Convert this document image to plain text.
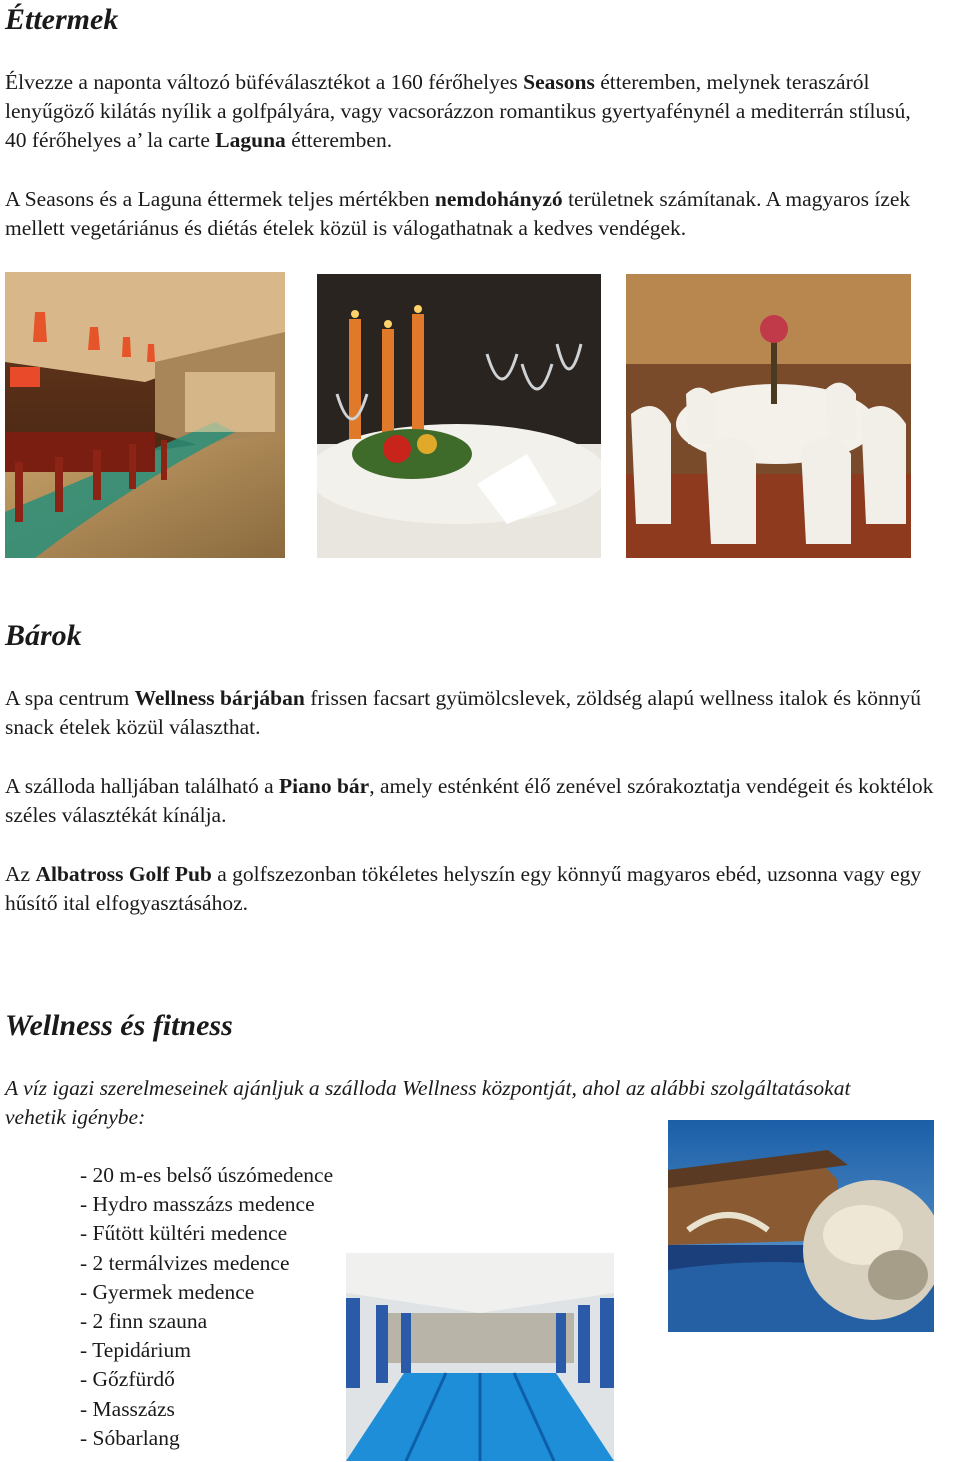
Éttermek

Élvezze a naponta változó büféválasztékot a 160 férőhelyes Seasons étteremben, melynek teraszáról lenyűgöző kilátás nyílik a golfpályára, vagy vacsorázzon romantikus gyertyafénynél a mediterrán stílusú, 40 férőhelyes a’ la carte Laguna étteremben.

A Seasons és a Laguna éttermek teljes mértékben nemdohányzó területnek számítanak. A magyaros ízek mellett vegetáriánus és diétás ételek közül is válogathatnak a kedves vendégek.

Bárok

A spa centrum Wellness bárjában frissen facsart gyümölcslevek, zöldség alapú wellness italok és könnyű snack ételek közül választhat.

A szálloda halljában található a Piano bár, amely esténként élő zenével szórakoztatja vendégeit és koktélok széles választékát kínálja.

Az Albatross Golf Pub a golfszezonban tökéletes helyszín egy könnyű magyaros ebéd, uzsonna vagy egy hűsítő ital elfogyasztásához.

Wellness és fitness

A víz igazi szerelmeseinek ajánljuk a szálloda Wellness központját, ahol az alábbi szolgáltatásokat vehetik igénybe:

- 20 m-es belső úszómedence
- Hydro masszázs medence
- Fűtött kültéri medence
- 2 termálvizes medence
- Gyermek medence
- 2 finn szauna
- Tepidárium
- Gőzfürdő
- Masszázs
- Sóbarlang
